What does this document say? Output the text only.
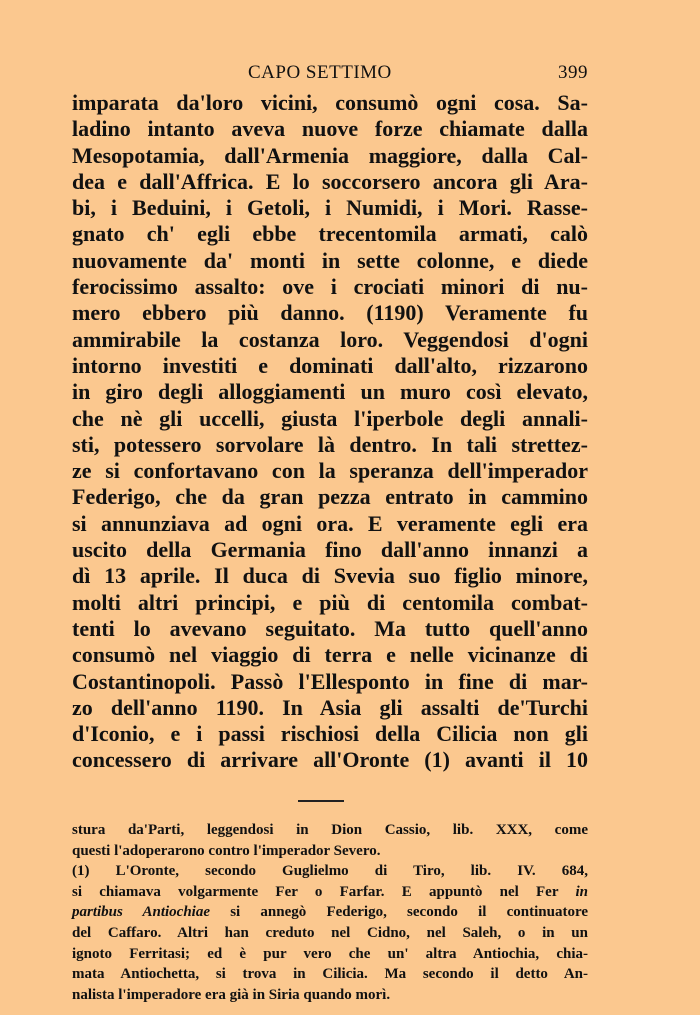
CAPO SETTIMO	399
imparata da'loro vicini, consumò ogni cosa. Sa-
ladino intanto aveva nuove forze chiamate dalla
Mesopotamia, dall'Armenia maggiore, dalla Cal-
dea e dall'Affrica. E lo soccorsero ancora gli Ara-
bi, i Beduini, i Getoli, i Numidi, i Mori. Rasse-
gnato ch' egli ebbe trecentomila armati, calò
nuovamente da' monti in sette colonne, e diede
ferocissimo assalto: ove i crociati minori di nu-
mero ebbero più danno. (1190) Veramente fu
ammirabile la costanza loro. Veggendosi d'ogni
intorno investiti e dominati dall'alto, rizzarono
in giro degli alloggiamenti un muro così elevato,
che nè gli uccelli, giusta l'iperbole degli annali-
sti, potessero sorvolare là dentro. In tali strettez-
ze si confortavano con la speranza dell'imperador
Federigo, che da gran pezza entrato in cammino
si annunziava ad ogni ora. E veramente egli era
uscito della Germania fino dall'anno innanzi a
dì 13 aprile. Il duca di Svevia suo figlio minore,
molti altri principi, e più di centomila combat-
tenti lo avevano seguitato. Ma tutto quell'anno
consumò nel viaggio di terra e nelle vicinanze di
Costantinopoli. Passò l'Ellesponto in fine di mar-
zo dell'anno 1190. In Asia gli assalti de'Turchi
d'Iconio, e i passi rischiosi della Cilicia non gli
concessero di arrivare all'Oronte (1) avanti il 10
stura da'Parti, leggendosi in Dion Cassio, lib. XXX, come
questi l'adoperarono contro l'imperador Severo.
(1) L'Oronte, secondo Guglielmo di Tiro, lib. IV. 684,
si chiamava volgarmente Fer o Farfar. E appuntò nel Fer in
partibus Antiochiae si annegò Federigo, secondo il continuatore
del Caffaro. Altri han creduto nel Cidno, nel Saleh, o in un
ignoto Ferritasi; ed è pur vero che un' altra Antiochia, chia-
mata Antiochetta, si trova in Cilicia. Ma secondo il detto An-
nalista l'imperadore era già in Siria quando morì.
